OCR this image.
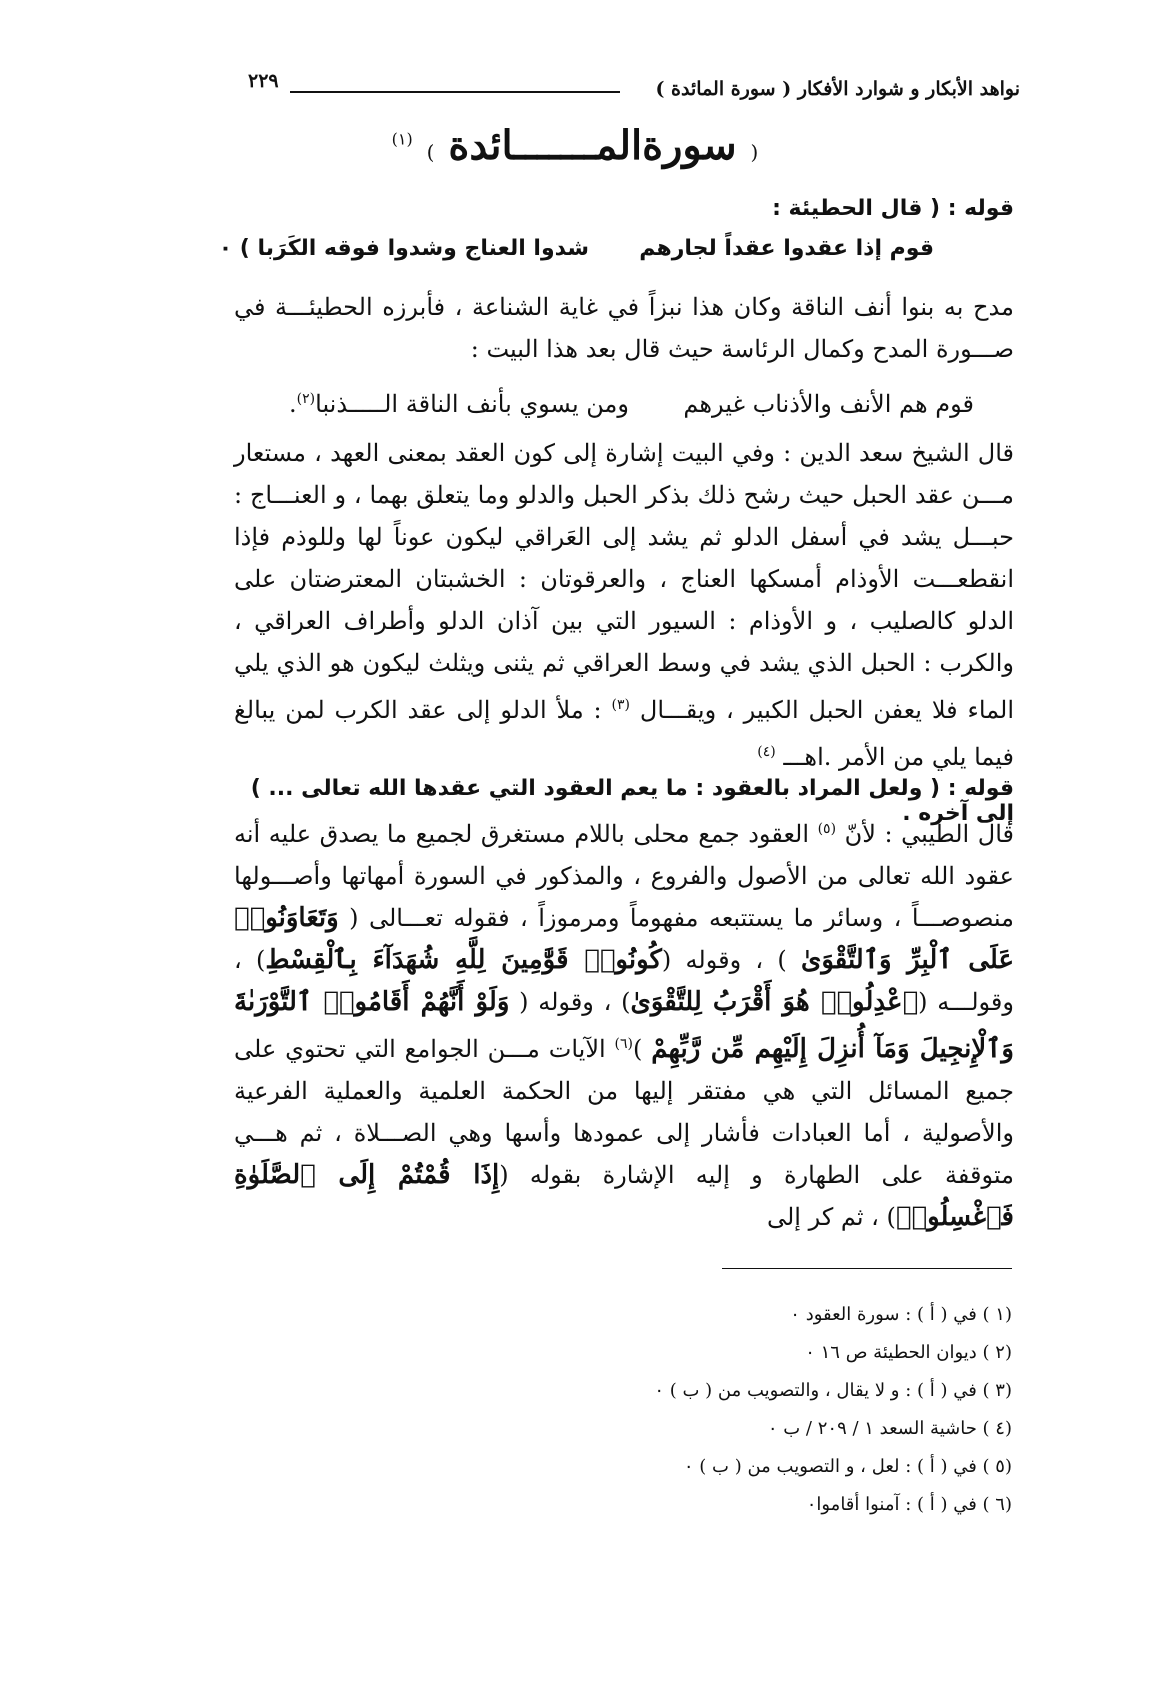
نواهد الأبكار و شوارد الأفكار ( سورة المائدة )
٢٢٩
( سورةالمـــــــائدة ) $^{(١)}$
قوله : ( قال الحطيئة :
قوم إذا عقدوا عقداً لجارهم
شدوا العناج وشدوا فوقه الكَرَبا ) ٠
مدح به بنوا أنف الناقة وكان هذا نبزاً في غاية الشناعة ، فأبرزه الحطيئـــة في صـــورة المدح وكمال الرئاسة حيث قال بعد هذا البيت :
قوم هم الأنف والأذناب غيرهم
ومن يسوي بأنف الناقة الـــــذنبا$^{(٢)}$.
قال الشيخ سعد الدين : وفي البيت إشارة إلى كون العقد بمعنى العهد ، مستعار مـــن عقد الحبل حيث رشح ذلك بذكر الحبل والدلو وما يتعلق بهما ، و العنـــاج : حبـــل يشد في أسفل الدلو ثم يشد إلى العَراقي ليكون عوناً لها وللوذم فإذا انقطعـــت الأوذام أمسكها العناج ، والعرقوتان : الخشبتان المعترضتان على الدلو كالصليب ، و الأوذام : السيور التي بين آذان الدلو وأطراف العراقي ، والكرب : الحبل الذي يشد في وسط العراقي ثم يثنى ويثلث ليكون هو الذي يلي الماء فلا يعفن الحبل الكبير ، ويقـــال $^{(٣)}$ : ملأ الدلو إلى عقد الكرب لمن يبالغ فيما يلي من الأمر .اهـــ $^{(٤)}$
قوله : ( ولعل المراد بالعقود : ما يعم العقود التي عقدها الله تعالى ... ) إلى آخره .
قال الطيبي : لأنّ $^{(٥)}$ العقود جمع محلى باللام مستغرق لجميع ما يصدق عليه أنه عقود الله تعالى من الأصول والفروع ، والمذكور في السورة أمهاتها وأصـــولها منصوصـــاً ، وسائر ما يستتبعه مفهوماً ومرموزاً ، فقوله تعـــالى ( وَتَعَاوَنُوا۟ عَلَى ٱلْبِرِّ وَٱلتَّقْوَىٰ ) ، وقوله (كُونُوا۟ قَوَّٰمِينَ لِلَّهِ شُهَدَآءَ بِٱلْقِسْطِ) ، وقولـــه (ٱعْدِلُوا۟ هُوَ أَقْرَبُ لِلتَّقْوَىٰ) ، وقوله ( وَلَوْ أَنَّهُمْ أَقَامُوا۟ ٱلتَّوْرَىٰةَ وَٱلْإِنجِيلَ وَمَآ أُنزِلَ إِلَيْهِم مِّن رَّبِّهِمْ )$^{(٦)}$ الآيات مـــن الجوامع التي تحتوي على جميع المسائل التي هي مفتقر إليها من الحكمة العلمية والعملية الفرعية والأصولية ، أما العبادات فأشار إلى عمودها وأسها وهي الصـــلاة ، ثم هـــي متوقفة على الطهارة و إليه الإشارة بقوله (إِذَا قُمْتُمْ إِلَى ٱلصَّلَوٰةِ فَٱغْسِلُوا۟) ، ثم كر إلى
(١ ) في ( أ ) : سورة العقود ٠
(٢ ) ديوان الحطيئة ص ١٦ ٠
(٣ ) في ( أ ) : و لا يقال ، والتصويب من ( ب ) ٠
(٤ ) حاشية السعد ١ / ٢٠٩ / ب ٠
(٥ ) في ( أ ) : لعل ، و التصويب من ( ب ) ٠
(٦ ) في ( أ ) : آمنوا أقاموا٠
